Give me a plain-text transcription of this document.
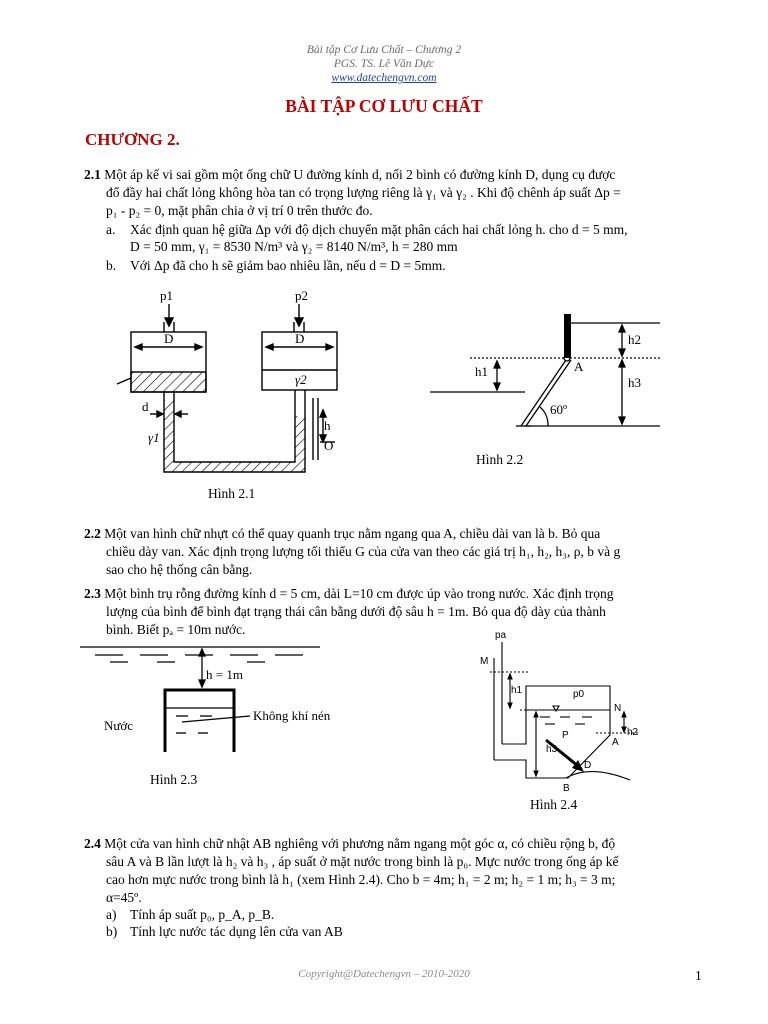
Bài tập Cơ Lưu Chất – Chương 2
PGS. TS. Lê Văn Dực
www.datechengvn.com
BÀI TẬP CƠ LƯU CHẤT
CHƯƠNG 2.
2.1 Một áp kế vi sai gồm một ống chữ U đường kính d, nối 2 bình có đường kính D, dụng cụ được
đổ đầy hai chất lỏng không hòa tan có trọng lượng riêng là γ₁ và γ₂ . Khi độ chênh áp suất Δp =
p₁ - p₂ = 0, mặt phân chia ở vị trí 0 trên thước đo.
a. Xác định quan hệ giữa Δp với độ dịch chuyển mặt phân cách hai chất lỏng h. cho d = 5 mm,
D = 50 mm, γ₁ = 8530 N/m³ và γ₂ = 8140 N/m³, h = 280 mm
b. Với Δp đã cho h sẽ giảm bao nhiêu lần, nếu d = D = 5mm.
p1	p2
D	D
γ2
d
γ1
h
O
Hình 2.1
h1
h2
h3
A
60º
Hình 2.2
2.2 Một van hình chữ nhựt có thể quay quanh trục nằm ngang qua A, chiều dài van là b. Bỏ qua
chiều dày van. Xác định trọng lượng tối thiểu G của cửa van theo các giá trị h₁, h₂, h₃, ρ, b và g
sao cho hệ thống cân bằng.
2.3 Một bình trụ rỗng đường kính d = 5 cm, dài L=10 cm được úp vào trong nước. Xác định trọng
lượng của bình để bình đạt trạng thái cân bằng dưới độ sâu h = 1m. Bỏ qua độ dày của thành
bình. Biết pₐ = 10m nước.
h = 1m
Nước
Không khí nén
Hình 2.3
pa
M
h1	p0
N
h2
h3
P
A
D
B
Hình 2.4
2.4 Một cửa van hình chữ nhật AB nghiêng với phương nằm ngang một góc α, có chiều rộng b, độ
sâu A và B lần lượt là h₂ và h₃ , áp suất ở mặt nước trong bình là p₀. Mực nước trong ống áp kế
cao hơn mực nước trong bình là h₁ (xem Hình 2.4). Cho b = 4m; h₁ = 2 m; h₂ = 1 m; h₃ = 3 m;
α=45º.
a) Tính áp suất p₀, p_A, p_B.
b) Tính lực nước tác dụng lên cửa van AB
Copyright@Datechengvn – 2010-2020	1
